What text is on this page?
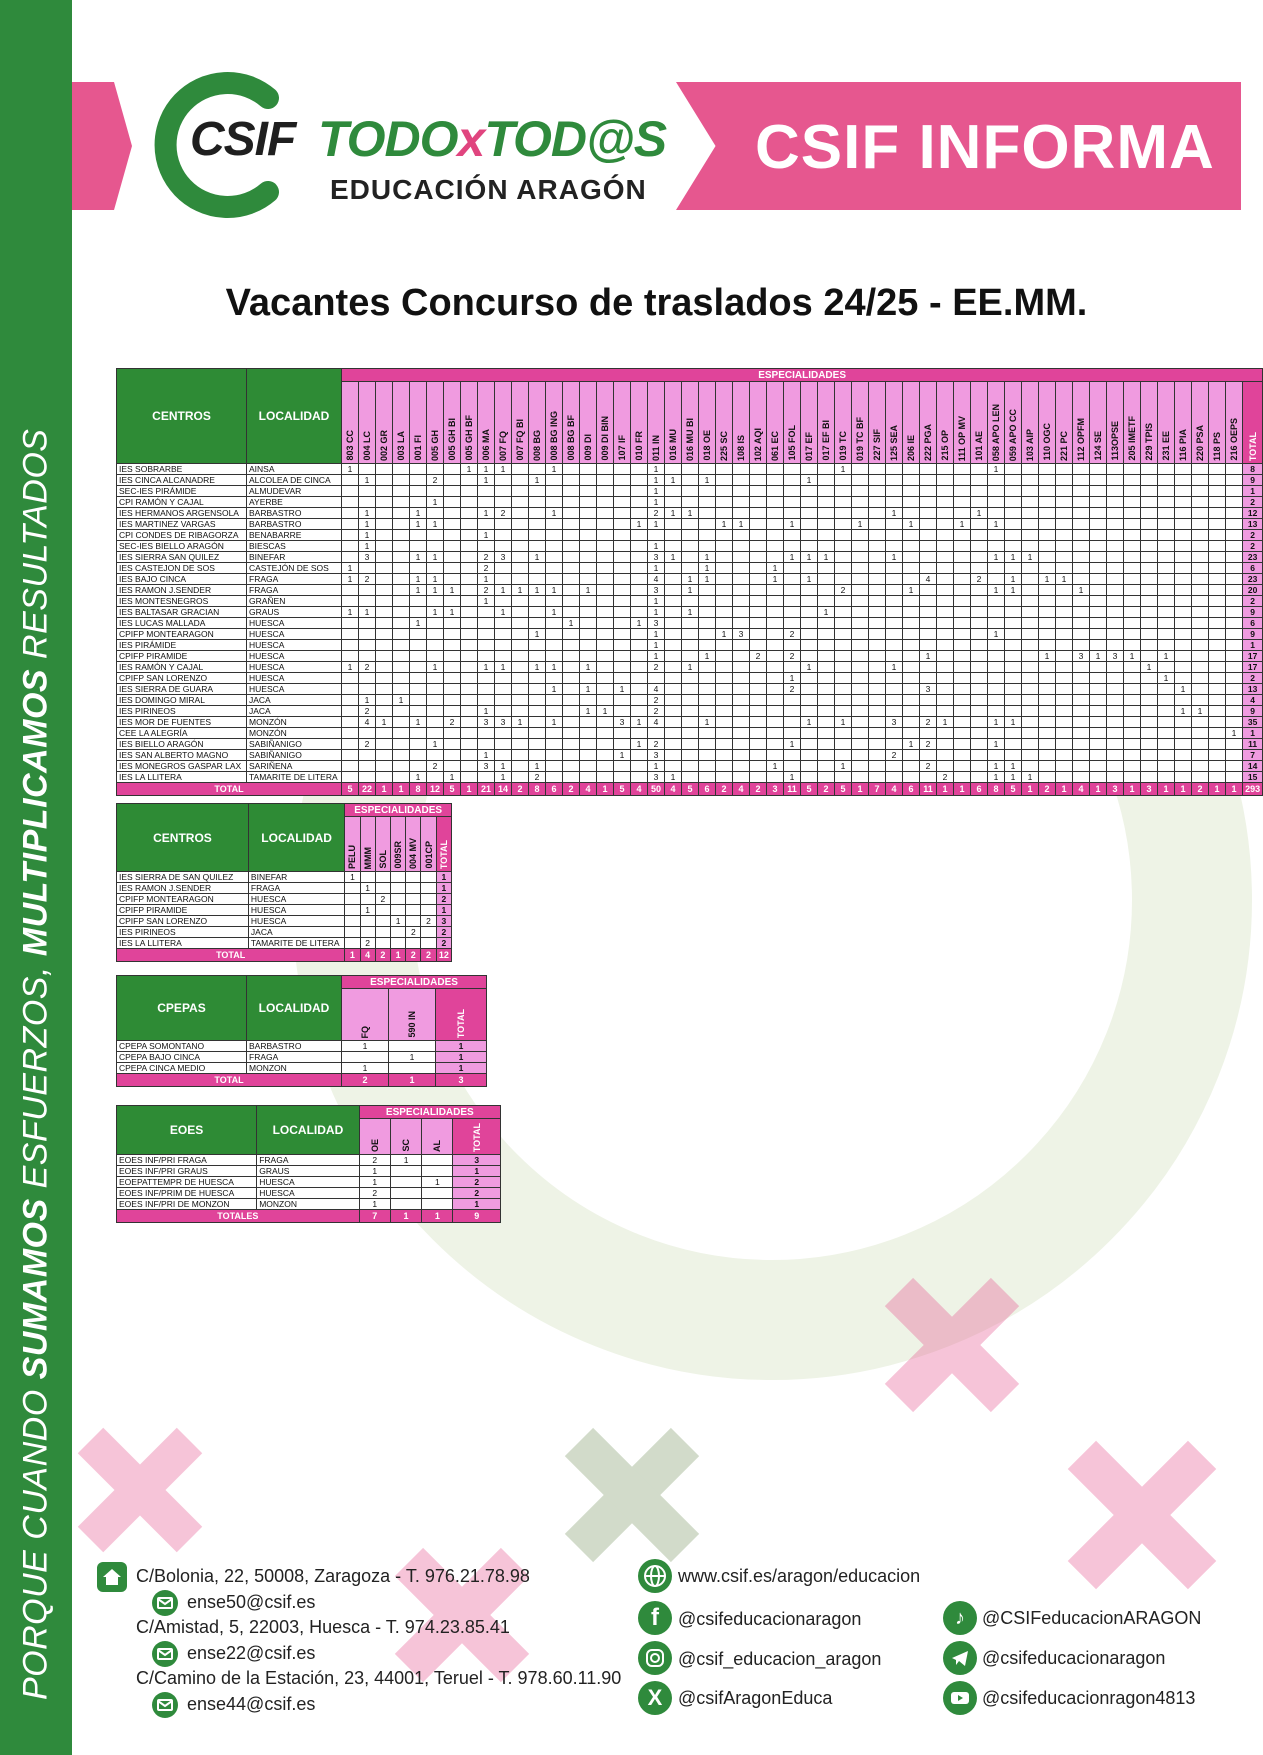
PORQUE CUANDO SUMAMOS ESFUERZOS, MULTIPLICAMOS RESULTADOS
CSIF INFORMA
CSIF TODOxTOD@S
EDUCACIÓN ARAGÓN
Vacantes Concurso de traslados 24/25 - EE.MM.
CENTROS	LOCALIDAD	ESPECIALIDADES																																																					

		803 CC	004 LC	002 GR	003 LA	001 FI	005 GH	005 GH BI	005 GH BF	006 MA	007 FQ	007 FQ BI	008 BG	008 BG ING	008 BG BF	009 DI	009 DI BIN	107 IF	010 FR	011 IN	016 MU	016 MU BI	018 OE	225 SC	108 IS	102 AQI	061 EC	105 FOL	017 EF	017 EF BI	019 TC	019 TC BF	227 SIF	125 SEA	206 IE	222 PGA	215 OP	111 OP MV	101 AE	058 APO LEN	059 APO CC	103 AIP	110 OGC	221 PC	112 OPFM	124 SE	113OPSE	205 IMETF	229 TPIS	231 EE	116 PIA	220 PSA	118 PS	216 OEPS	TOTAL

IES SOBRARBE	AINSA	1							1	1	1			1						1											1									1															8
IES CINCA ALCANADRE	ALCOLEA DE CINCA		1				2			1			1							1	1		1						1																										9
SEC-IES PIRÁMIDE	ALMUDEVAR																			1																																			1
CPI RAMÓN Y CAJAL	AYERBE						1													1																																			2
IES HERMANOS ARGENSOLA	BARBASTRO		1			1				1	2			1						2	1	1												1					1																12
IES MARTINEZ VARGAS	BARBASTRO		1			1	1												1	1				1	1			1				1			1			1		1															13
CPI CONDES DE RIBAGORZA	BENABARRE		1							1																																													2
SEC-IES BIELLO ARAGÓN	BIESCAS		1																	1																																			2
IES SIERRA SAN QUILEZ	BINEFAR		3			1	1			2	3		1							3	1		1					1	1	1				1						1	1	1													23
IES CASTEJON DE SOS	CASTEJÓN DE SOS	1								2										1			1				1																												6
IES BAJO CINCA	FRAGA	1	2			1	1			1										4		1	1				1		1							4			2		1		1	1											23
IES RAMON J.SENDER	FRAGA					1	1	1		2	1	1	1	1		1				3		1									2				1					1	1				1										20
IES MONTESNEGROS	GRAÑEN									1										1																																			2
IES BALTASAR GRACIAN	GRAUS	1	1				1	1			1			1						1		1								1																									9
IES LUCAS MALLADA	HUESCA					1									1				1	3																																			6
CPIFP MONTEARAGON	HUESCA												1							1				1	3			2												1															9
IES PIRÁMIDE	HUESCA																			1																																			1
CPIFP PIRAMIDE	HUESCA																			1			1			2		2								1							1		3	1	3	1		1					17
IES RAMÓN Y CAJAL	HUESCA	1	2				1			1	1		1	1		1				2		1							1					1															1						17
CPIFP SAN LORENZO	HUESCA																											1																						1					2
IES SIERRA DE GUARA	HUESCA													1		1		1		4								2								3															1				13
IES DOMINGO MIRAL	JACA		1		1															2																																			4
IES PIRINEOS	JACA		2							1						1	1			2																															1	1			9
IES MOR DE FUENTES	MONZÓN		4	1		1		2		3	3	1		1				3	1	4			1						1		1			3		2	1			1	1														35
CEE LA ALEGRÍA	MONZÓN																																																					1	1
IES BIELLO ARAGÓN	SABIÑANIGO		2				1												1	2								1							1	2				1															11
IES SAN ALBERTO MAGNO	SABIÑANIGO									1								1		3														2																					7
IES MONEGROS GASPAR LAX	SARIÑENA						2			3	1		1							1							1				1					2				1	1														14
IES LA LLITERA	TAMARITE DE LITERA					1		1			1		2							3	1							1									2			1	1	1													15
TOTAL		5	22	1	1	8	12	5	1	21	14	2	8	6	2	4	1	5	4	50	4	5	6	2	4	2	3	11	5	2	5	1	7	4	6	11	1	1	6	8	5	1	2	1	4	1	3	1	3	1	1	2	1	1	293
CENTROS	LOCALIDAD	ESPECIALIDADES						

		PELU	MMM	SOL	009SR	004 MV	001CP	TOTAL

IES SIERRA DE SAN QUILEZ	BINEFAR	1						1
IES RAMON J.SENDER	FRAGA		1					1
CPIFP MONTEARAGON	HUESCA			2				2
CPIFP PIRAMIDE	HUESCA		1					1
CPIFP SAN LORENZO	HUESCA				1		2	3
IES PIRINEOS	JACA					2		2
IES LA LLITERA	TAMARITE DE LITERA		2					2
TOTAL		1	4	2	1	2	2	12
CPEPAS	LOCALIDAD	ESPECIALIDADES		

		FQ	590 IN	TOTAL

CPEPA SOMONTANO	BARBASTRO	1		1
CPEPA BAJO CINCA	FRAGA		1	1
CPEPA CINCA MEDIO	MONZON	1		1
TOTAL		2	1	3
EOES	LOCALIDAD	ESPECIALIDADES			

		OE	SC	AL	TOTAL

EOES INF/PRI FRAGA	FRAGA	2	1		3
EOES INF/PRI GRAUS	GRAUS	1			1
EOEPATTEMPR DE HUESCA	HUESCA	1		1	2
EOES INF/PRIM DE HUESCA	HUESCA	2			2
EOES INF/PRI DE MONZON	MONZON	1			1
TOTALES		7	1	1	9
C/Bolonia, 22, 50008, Zaragoza - T. 976.21.78.98
ense50@csif.es
C/Amistad, 5, 22003, Huesca - T. 974.23.85.41
ense22@csif.es
C/Camino de la Estación, 23, 44001, Teruel - T. 978.60.11.90
ense44@csif.es
www.csif.es/aragon/educacion
f	@csifeducacionaragon
@csif_educacion_aragon
X @csifAragonEduca
♪ @CSIFeducacionARAGON
@csifeducacionaragon
@csifeducacionragon4813
